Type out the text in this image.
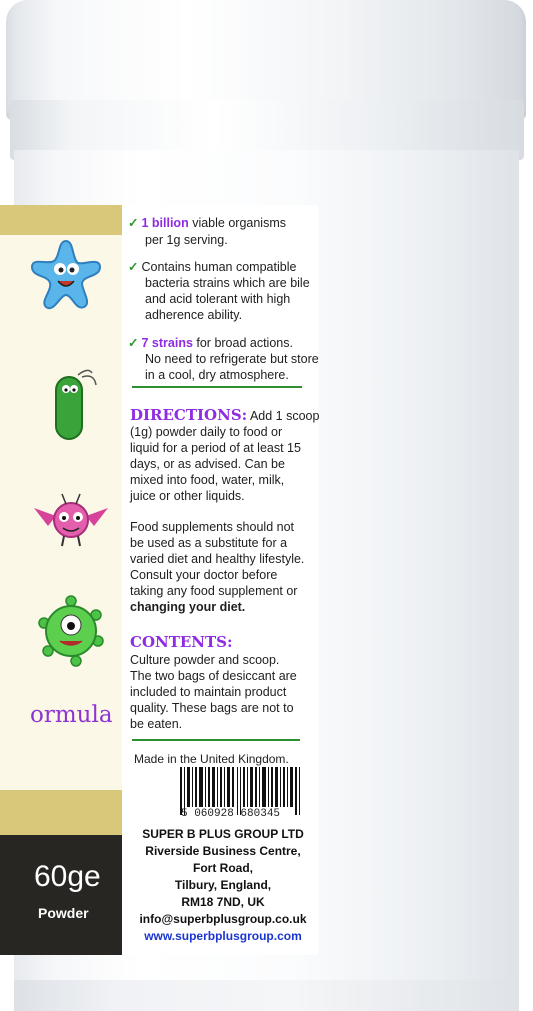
ormula
60ge
Powder
✓ 1 billion viable organisms
per 1g serving.
✓ Contains human compatible
bacteria strains which are bile
and acid tolerant with high
adherence ability.
✓ 7 strains for broad actions.
No need to refrigerate but store
in a cool, dry atmosphere.
DIRECTIONS: Add 1 scoop
(1g) powder daily to food or
liquid for a period of at least 15
days, or as advised. Can be
mixed into food, water, milk,
juice or other liquids.
Food supplements should not
be used as a substitute for a
varied diet and healthy lifestyle.
Consult your doctor before
taking any food supplement or
changing your diet.
CONTENTS:
Culture powder and scoop.
The two bags of desiccant are
included to maintain product
quality. These bags are not to
be eaten.
Made in the United Kingdom.
5 060928 680345
SUPER B PLUS GROUP LTD
Riverside Business Centre,
Fort Road,
Tilbury, England,
RM18 7ND, UK
info@superbplusgroup.co.uk
www.superbplusgroup.com
